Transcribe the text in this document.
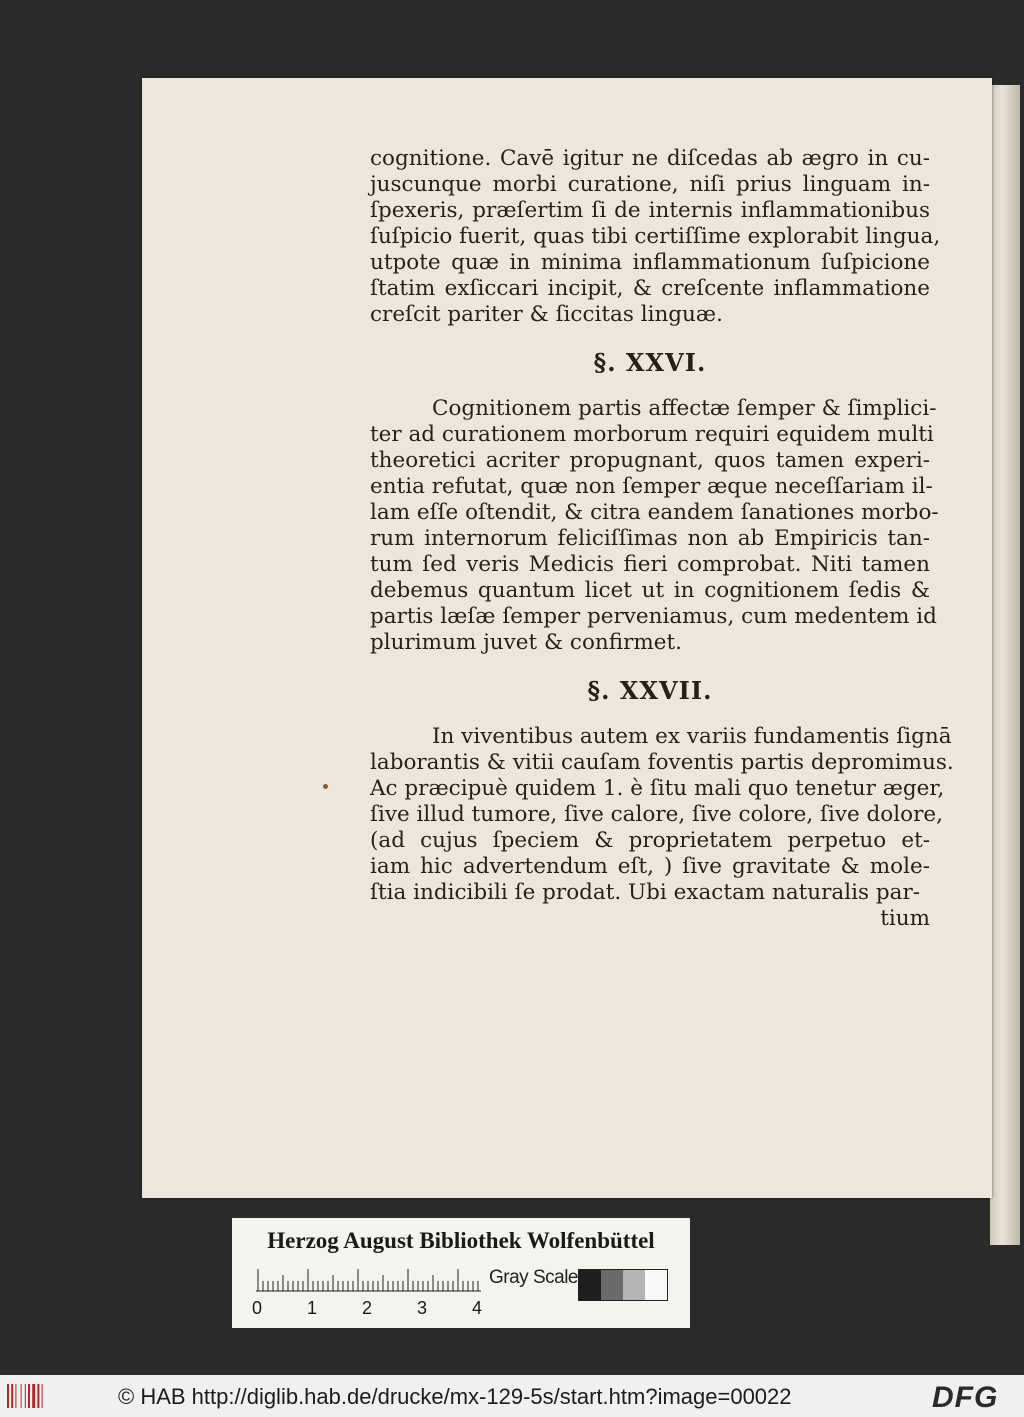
cognitione. Cavē igitur ne diſcedas ab ægro in cu-

juscunque morbi curatione, niſi prius linguam in-

ſpexeris, præſertim ſi de internis inflammationibus

ſuſpicio fuerit, quas tibi certiſſime explorabit lingua,

utpote quæ in minima inflammationum ſuſpicione

ſtatim exſiccari incipit, & creſcente inflammatione

creſcit pariter & ſiccitas linguæ.

§. XXVI.

Cognitionem partis affectæ ſemper & ſimplici-

ter ad curationem morborum requiri equidem multi

theoretici acriter propugnant, quos tamen experi-

entia refutat, quæ non ſemper æque neceſſariam il-

lam eſſe oſtendit, & citra eandem ſanationes morbo-

rum internorum feliciſſimas non ab Empiricis tan-

tum ſed veris Medicis fieri comprobat. Niti tamen

debemus quantum licet ut in cognitionem ſedis &

partis læſæ ſemper perveniamus, cum medentem id

plurimum juvet & confirmet.

§. XXVII.

In viventibus autem ex variis fundamentis ſignā

laborantis & vitii cauſam foventis partis depromimus.

Ac præcipuè quidem 1. è ſitu mali quo tenetur æger,

ſive illud tumore, ſive calore, ſive colore, ſive dolore,

(ad cujus ſpeciem & proprietatem perpetuo et-

iam hic advertendum eſt, ) ſive gravitate & mole-

ſtia indicibili ſe prodat. Ubi exactam naturalis par-

tium

Herzog August Bibliothek Wolfenbüttel
0 1 2 3 4
Gray Scale
© HAB http://diglib.hab.de/drucke/mx-129-5s/start.htm?image=00022	DFG
